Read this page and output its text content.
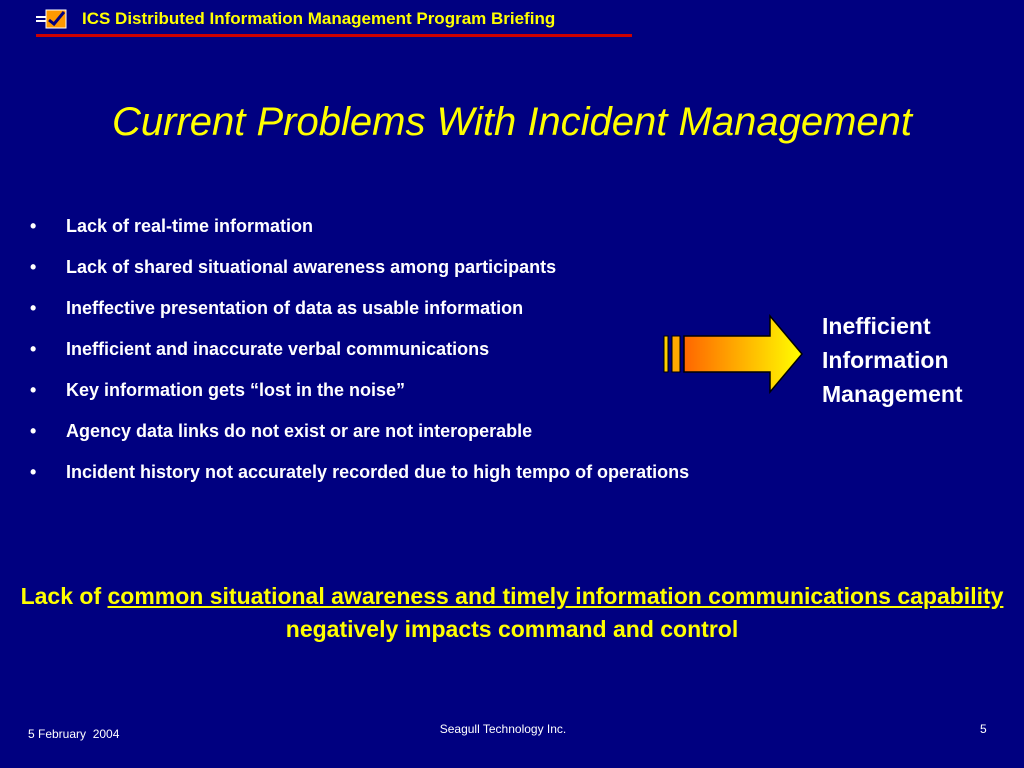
ICS Distributed Information Management Program Briefing
Current Problems With Incident Management
• Lack of real-time information
• Lack of shared situational awareness among participants
• Ineffective presentation of data as usable information
• Inefficient and inaccurate verbal communications
• Key information gets “lost in the noise”
• Agency data links do not exist or are not interoperable
• Incident history not accurately recorded due to high tempo of operations
Inefficient
Information
Management
Lack of common situational awareness and timely information communications capability negatively impacts command and control
5 February  2004	Seagull Technology Inc.	5
